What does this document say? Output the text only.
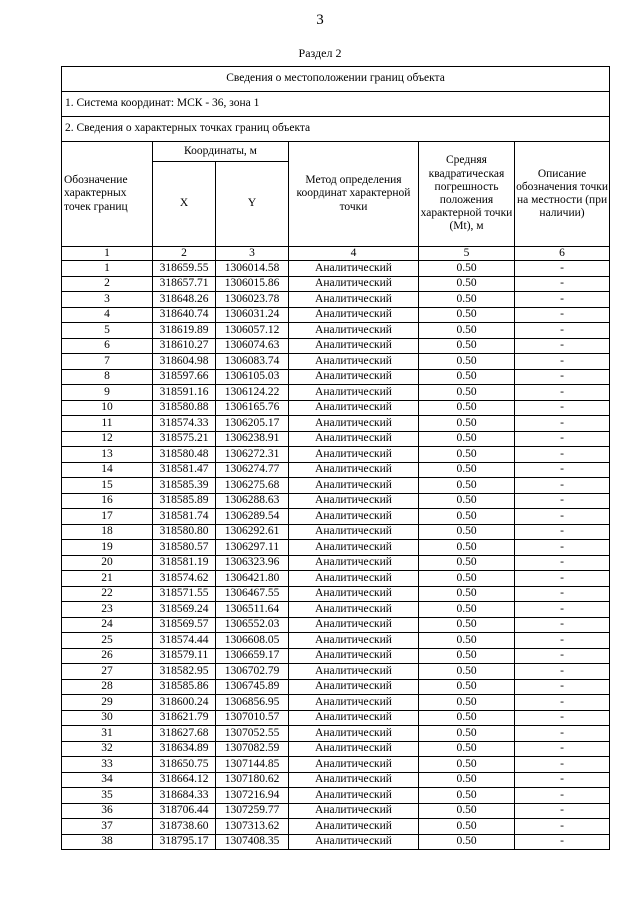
3
Раздел 2
Сведения о местоположении границ объекта					
1. Система координат: МСК - 36, зона 1					
2. Сведения о характерных точках границ объекта					
Обозначение характерных точек границ	Координаты, м		Метод определения координат характерной точки	Средняя квадратическая погрешность положения характерной точки (Mt), м	Описание обозначения точки на местности (при наличии)
	X	Y			
1	2	3	4	5	6
1	318659.55	1306014.58	Аналитический	0.50	-
2	318657.71	1306015.86	Аналитический	0.50	-
3	318648.26	1306023.78	Аналитический	0.50	-
4	318640.74	1306031.24	Аналитический	0.50	-
5	318619.89	1306057.12	Аналитический	0.50	-
6	318610.27	1306074.63	Аналитический	0.50	-
7	318604.98	1306083.74	Аналитический	0.50	-
8	318597.66	1306105.03	Аналитический	0.50	-
9	318591.16	1306124.22	Аналитический	0.50	-
10	318580.88	1306165.76	Аналитический	0.50	-
11	318574.33	1306205.17	Аналитический	0.50	-
12	318575.21	1306238.91	Аналитический	0.50	-
13	318580.48	1306272.31	Аналитический	0.50	-
14	318581.47	1306274.77	Аналитический	0.50	-
15	318585.39	1306275.68	Аналитический	0.50	-
16	318585.89	1306288.63	Аналитический	0.50	-
17	318581.74	1306289.54	Аналитический	0.50	-
18	318580.80	1306292.61	Аналитический	0.50	-
19	318580.57	1306297.11	Аналитический	0.50	-
20	318581.19	1306323.96	Аналитический	0.50	-
21	318574.62	1306421.80	Аналитический	0.50	-
22	318571.55	1306467.55	Аналитический	0.50	-
23	318569.24	1306511.64	Аналитический	0.50	-
24	318569.57	1306552.03	Аналитический	0.50	-
25	318574.44	1306608.05	Аналитический	0.50	-
26	318579.11	1306659.17	Аналитический	0.50	-
27	318582.95	1306702.79	Аналитический	0.50	-
28	318585.86	1306745.89	Аналитический	0.50	-
29	318600.24	1306856.95	Аналитический	0.50	-
30	318621.79	1307010.57	Аналитический	0.50	-
31	318627.68	1307052.55	Аналитический	0.50	-
32	318634.89	1307082.59	Аналитический	0.50	-
33	318650.75	1307144.85	Аналитический	0.50	-
34	318664.12	1307180.62	Аналитический	0.50	-
35	318684.33	1307216.94	Аналитический	0.50	-
36	318706.44	1307259.77	Аналитический	0.50	-
37	318738.60	1307313.62	Аналитический	0.50	-
38	318795.17	1307408.35	Аналитический	0.50	-
